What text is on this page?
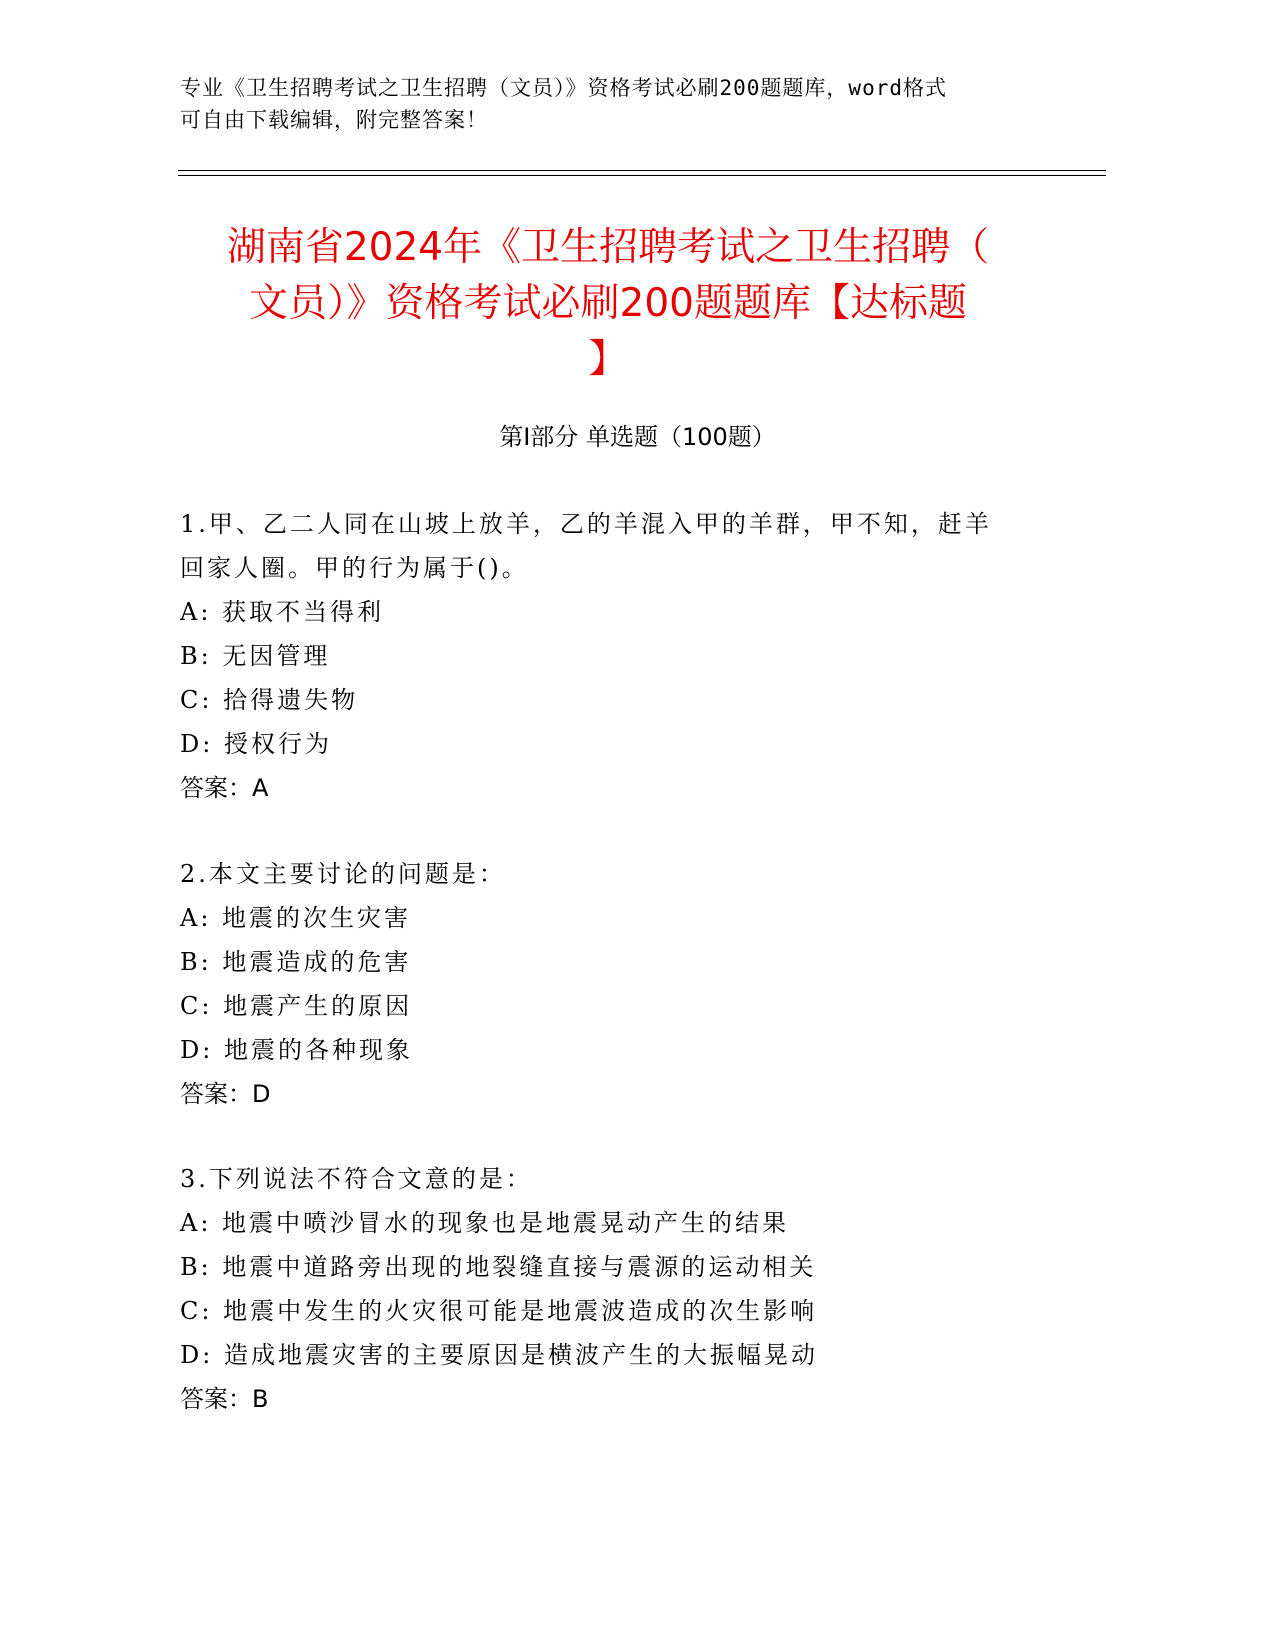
专业《卫生招聘考试之卫生招聘（文员）》资格考试必刷200题题库，word格式
可自由下载编辑，附完整答案！
湖南省2024年《卫生招聘考试之卫生招聘（
文员）》资格考试必刷200题题库【达标题
】
第Ⅰ部分 单选题（100题）
1.甲、乙二人同在山坡上放羊，乙的羊混入甲的羊群，甲不知，赶羊
回家人圈。甲的行为属于()。
A: 获取不当得利
B: 无因管理
C: 拾得遗失物
D: 授权行为
答案：A
2.本文主要讨论的问题是：
A: 地震的次生灾害
B: 地震造成的危害
C: 地震产生的原因
D: 地震的各种现象
答案：D
3.下列说法不符合文意的是：
A: 地震中喷沙冒水的现象也是地震晃动产生的结果
B: 地震中道路旁出现的地裂缝直接与震源的运动相关
C: 地震中发生的火灾很可能是地震波造成的次生影响
D: 造成地震灾害的主要原因是横波产生的大振幅晃动
答案：B
